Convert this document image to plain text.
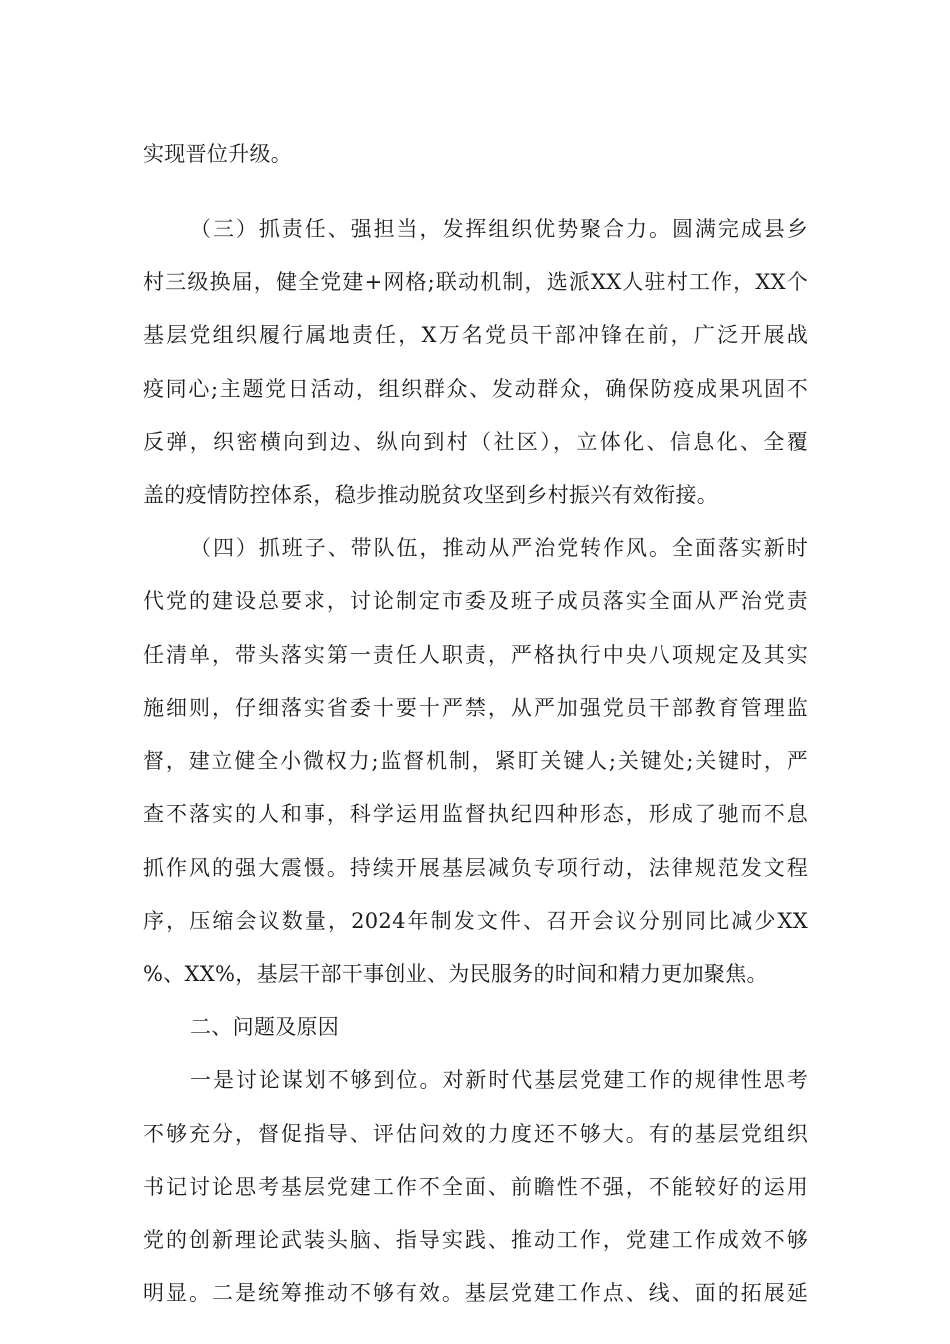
实现晋位升级。
（三）抓责任、强担当，发挥组织优势聚合力。圆满完成县乡
村三级换届，健全党建+网格;联动机制，选派XX人驻村工作，XX个
基层党组织履行属地责任，X万名党员干部冲锋在前，广泛开展战
疫同心;主题党日活动，组织群众、发动群众，确保防疫成果巩固不
反弹，织密横向到边、纵向到村（社区），立体化、信息化、全覆
盖的疫情防控体系，稳步推动脱贫攻坚到乡村振兴有效衔接。
（四）抓班子、带队伍，推动从严治党转作风。全面落实新时
代党的建设总要求，讨论制定市委及班子成员落实全面从严治党责
任清单，带头落实第一责任人职责，严格执行中央八项规定及其实
施细则，仔细落实省委十要十严禁，从严加强党员干部教育管理监
督，建立健全小微权力;监督机制，紧盯关键人;关键处;关键时，严
查不落实的人和事，科学运用监督执纪四种形态，形成了驰而不息
抓作风的强大震慑。持续开展基层减负专项行动，法律规范发文程
序，压缩会议数量，2024年制发文件、召开会议分别同比减少XX
%、XX%，基层干部干事创业、为民服务的时间和精力更加聚焦。
二、问题及原因
一是讨论谋划不够到位。对新时代基层党建工作的规律性思考
不够充分，督促指导、评估问效的力度还不够大。有的基层党组织
书记讨论思考基层党建工作不全面、前瞻性不强，不能较好的运用
党的创新理论武装头脑、指导实践、推动工作，党建工作成效不够
明显。二是统筹推动不够有效。基层党建工作点、线、面的拓展延
